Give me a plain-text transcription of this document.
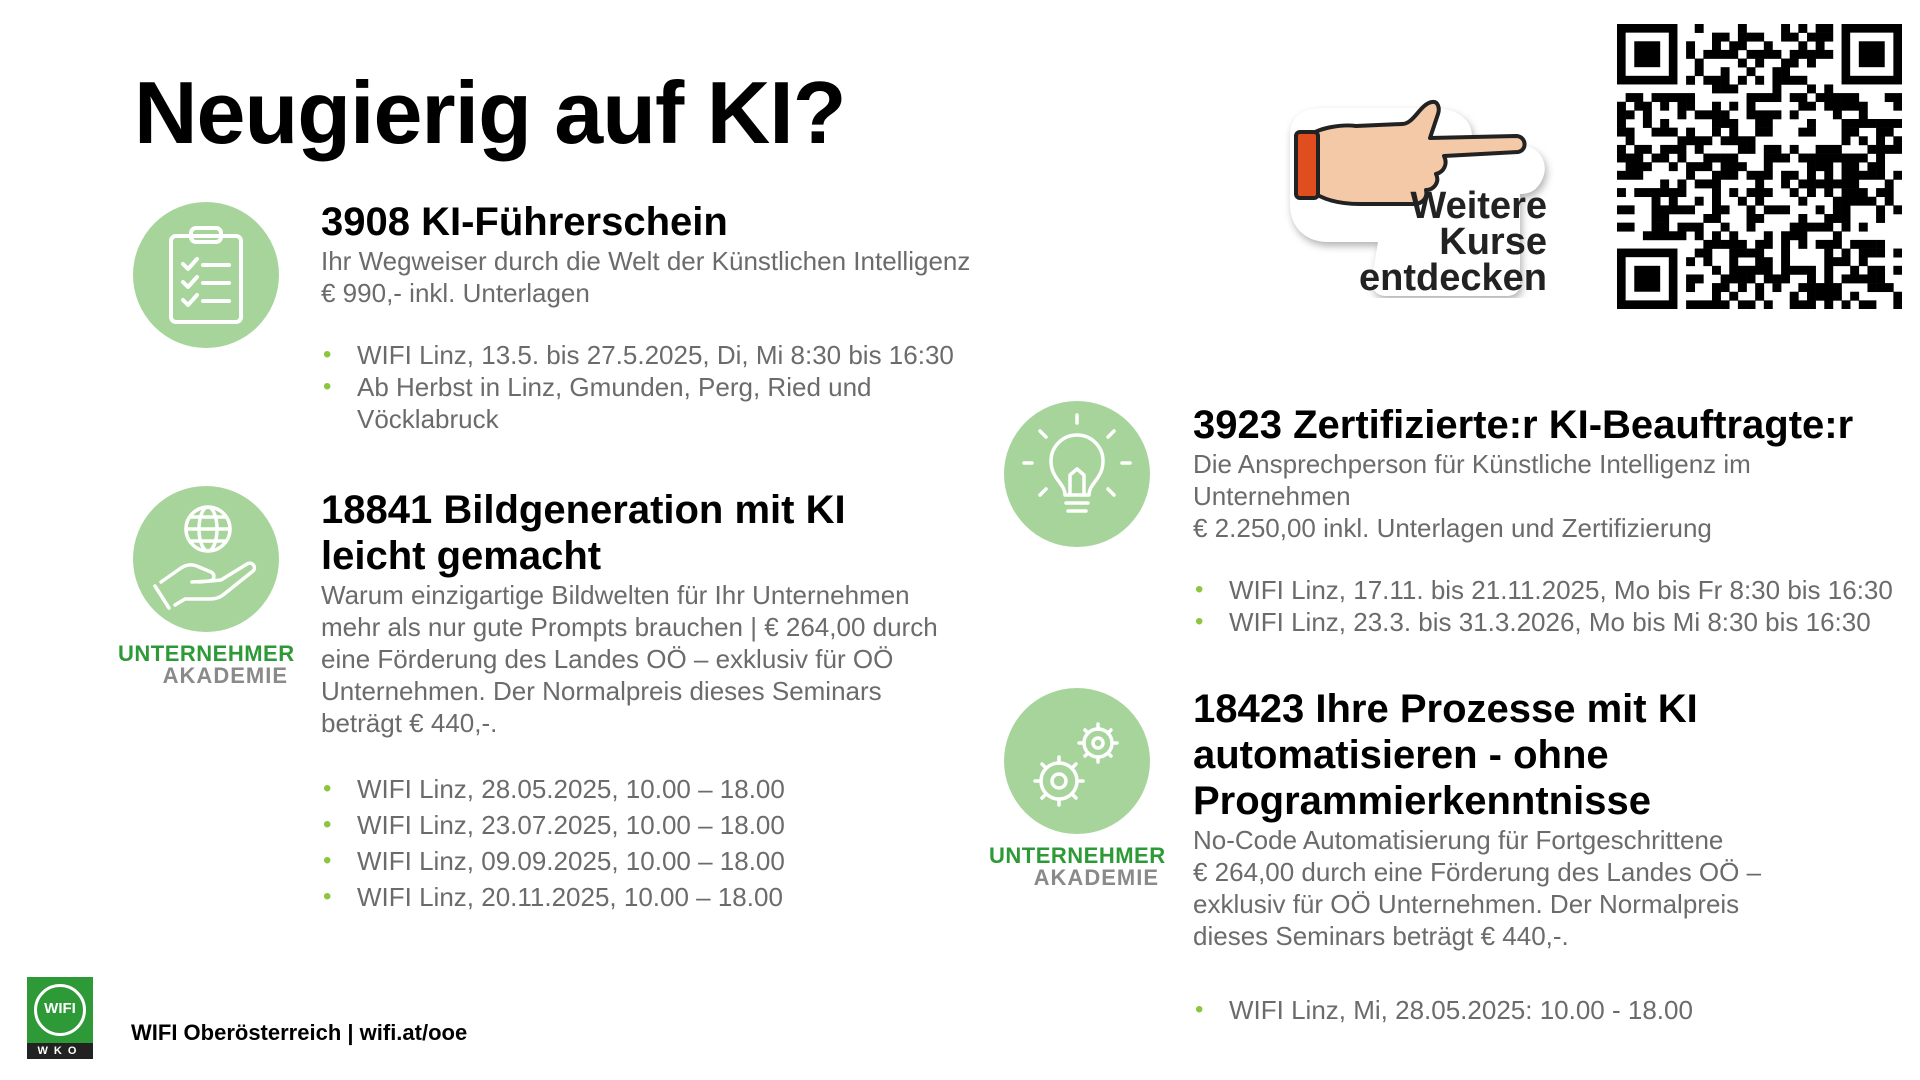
Neugierig auf KI?
3908 KI-Führerschein
Ihr Wegweiser durch die Welt der Künstlichen Intelligenz
€ 990,- inkl. Unterlagen
• WIFI Linz, 13.5. bis 27.5.2025, Di, Mi 8:30 bis 16:30
• Ab Herbst in Linz, Gmunden, Perg, Ried und Vöcklabruck
UNTERNEHMER
AKADEMIE
18841 Bildgeneration mit KI leicht gemacht
Warum einzigartige Bildwelten für Ihr Unternehmen mehr als nur gute Prompts brauchen | € 264,00 durch eine Förderung des Landes OÖ – exklusiv für OÖ Unternehmen. Der Normalpreis dieses Seminars beträgt € 440,-.
• WIFI Linz, 28.05.2025, 10.00 – 18.00
• WIFI Linz, 23.07.2025, 10.00 – 18.00
• WIFI Linz, 09.09.2025, 10.00 – 18.00
• WIFI Linz, 20.11.2025, 10.00 – 18.00
3923 Zertifizierte:r KI-Beauftragte:r
Die Ansprechperson für Künstliche Intelligenz im Unternehmen
€ 2.250,00 inkl. Unterlagen und Zertifizierung
• WIFI Linz, 17.11. bis 21.11.2025, Mo bis Fr 8:30 bis 16:30
• WIFI Linz, 23.3. bis 31.3.2026, Mo bis Mi 8:30 bis 16:30
UNTERNEHMER
AKADEMIE
18423 Ihre Prozesse mit KI automatisieren - ohne Programmierkenntnisse
No-Code Automatisierung für Fortgeschrittene
€ 264,00 durch eine Förderung des Landes OÖ – exklusiv für OÖ Unternehmen. Der Normalpreis dieses Seminars beträgt € 440,-.
• WIFI Linz, Mi, 28.05.2025: 10.00 - 18.00
Weitere
Kurse
entdecken
WIFI
WKO
WIFI Oberösterreich | wifi.at/ooe
